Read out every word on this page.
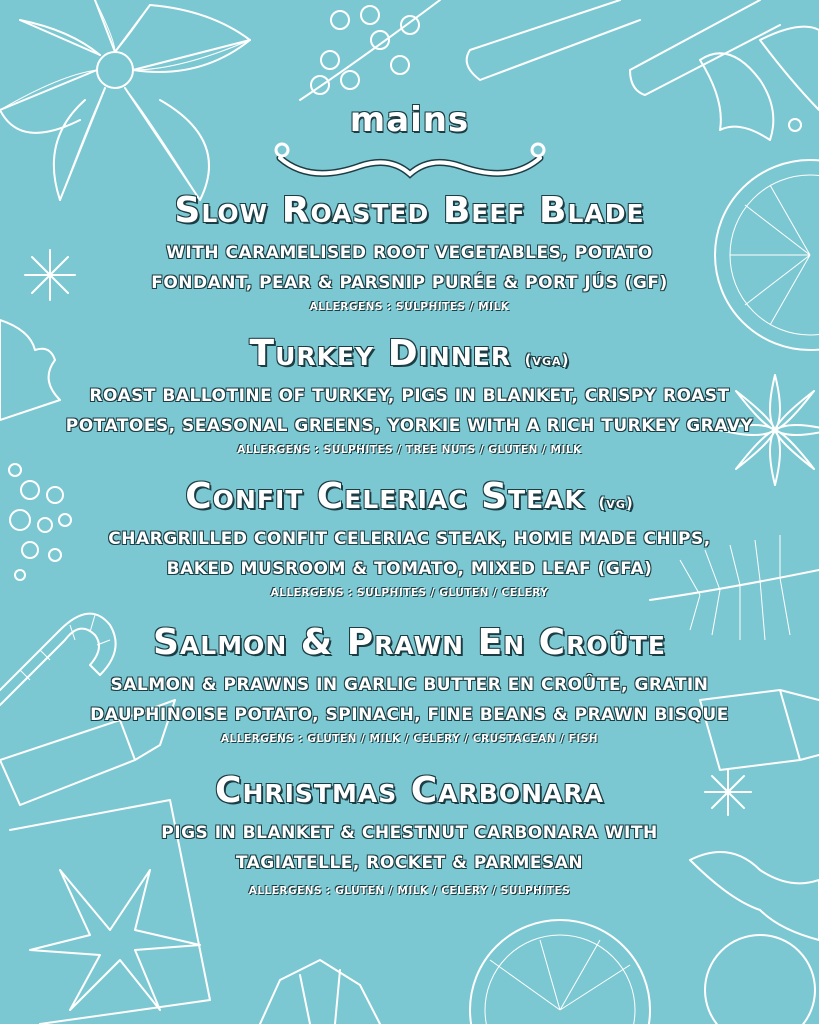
mains
Slow Roasted Beef Blade
WITH CARAMELISED ROOT VEGETABLES, POTATO
FONDANT, PEAR & PARSNIP PURÉE & PORT JÚS (GF)
ALLERGENS : SULPHITES / MILK
Turkey Dinner (vga)
ROAST BALLOTINE OF TURKEY, PIGS IN BLANKET, CRISPY ROAST
POTATOES, SEASONAL GREENS, YORKIE WITH A RICH TURKEY GRAVY
ALLERGENS : SULPHITES / TREE NUTS / GLUTEN / MILK
Confit Celeriac Steak (vg)
CHARGRILLED CONFIT CELERIAC STEAK, HOME MADE CHIPS,
BAKED MUSROOM & TOMATO, MIXED LEAF (GFA)
ALLERGENS : SULPHITES / GLUTEN / CELERY
Salmon & Prawn En Croûte
SALMON & PRAWNS IN GARLIC BUTTER EN CROÛTE, GRATIN
DAUPHINOISE POTATO, SPINACH, FINE BEANS & PRAWN BISQUE
ALLERGENS : GLUTEN / MILK / CELERY / CRUSTACEAN / FISH
Christmas Carbonara
PIGS IN BLANKET & CHESTNUT CARBONARA WITH
TAGIATELLE, ROCKET & PARMESAN
ALLERGENS : GLUTEN / MILK / CELERY / SULPHITES
